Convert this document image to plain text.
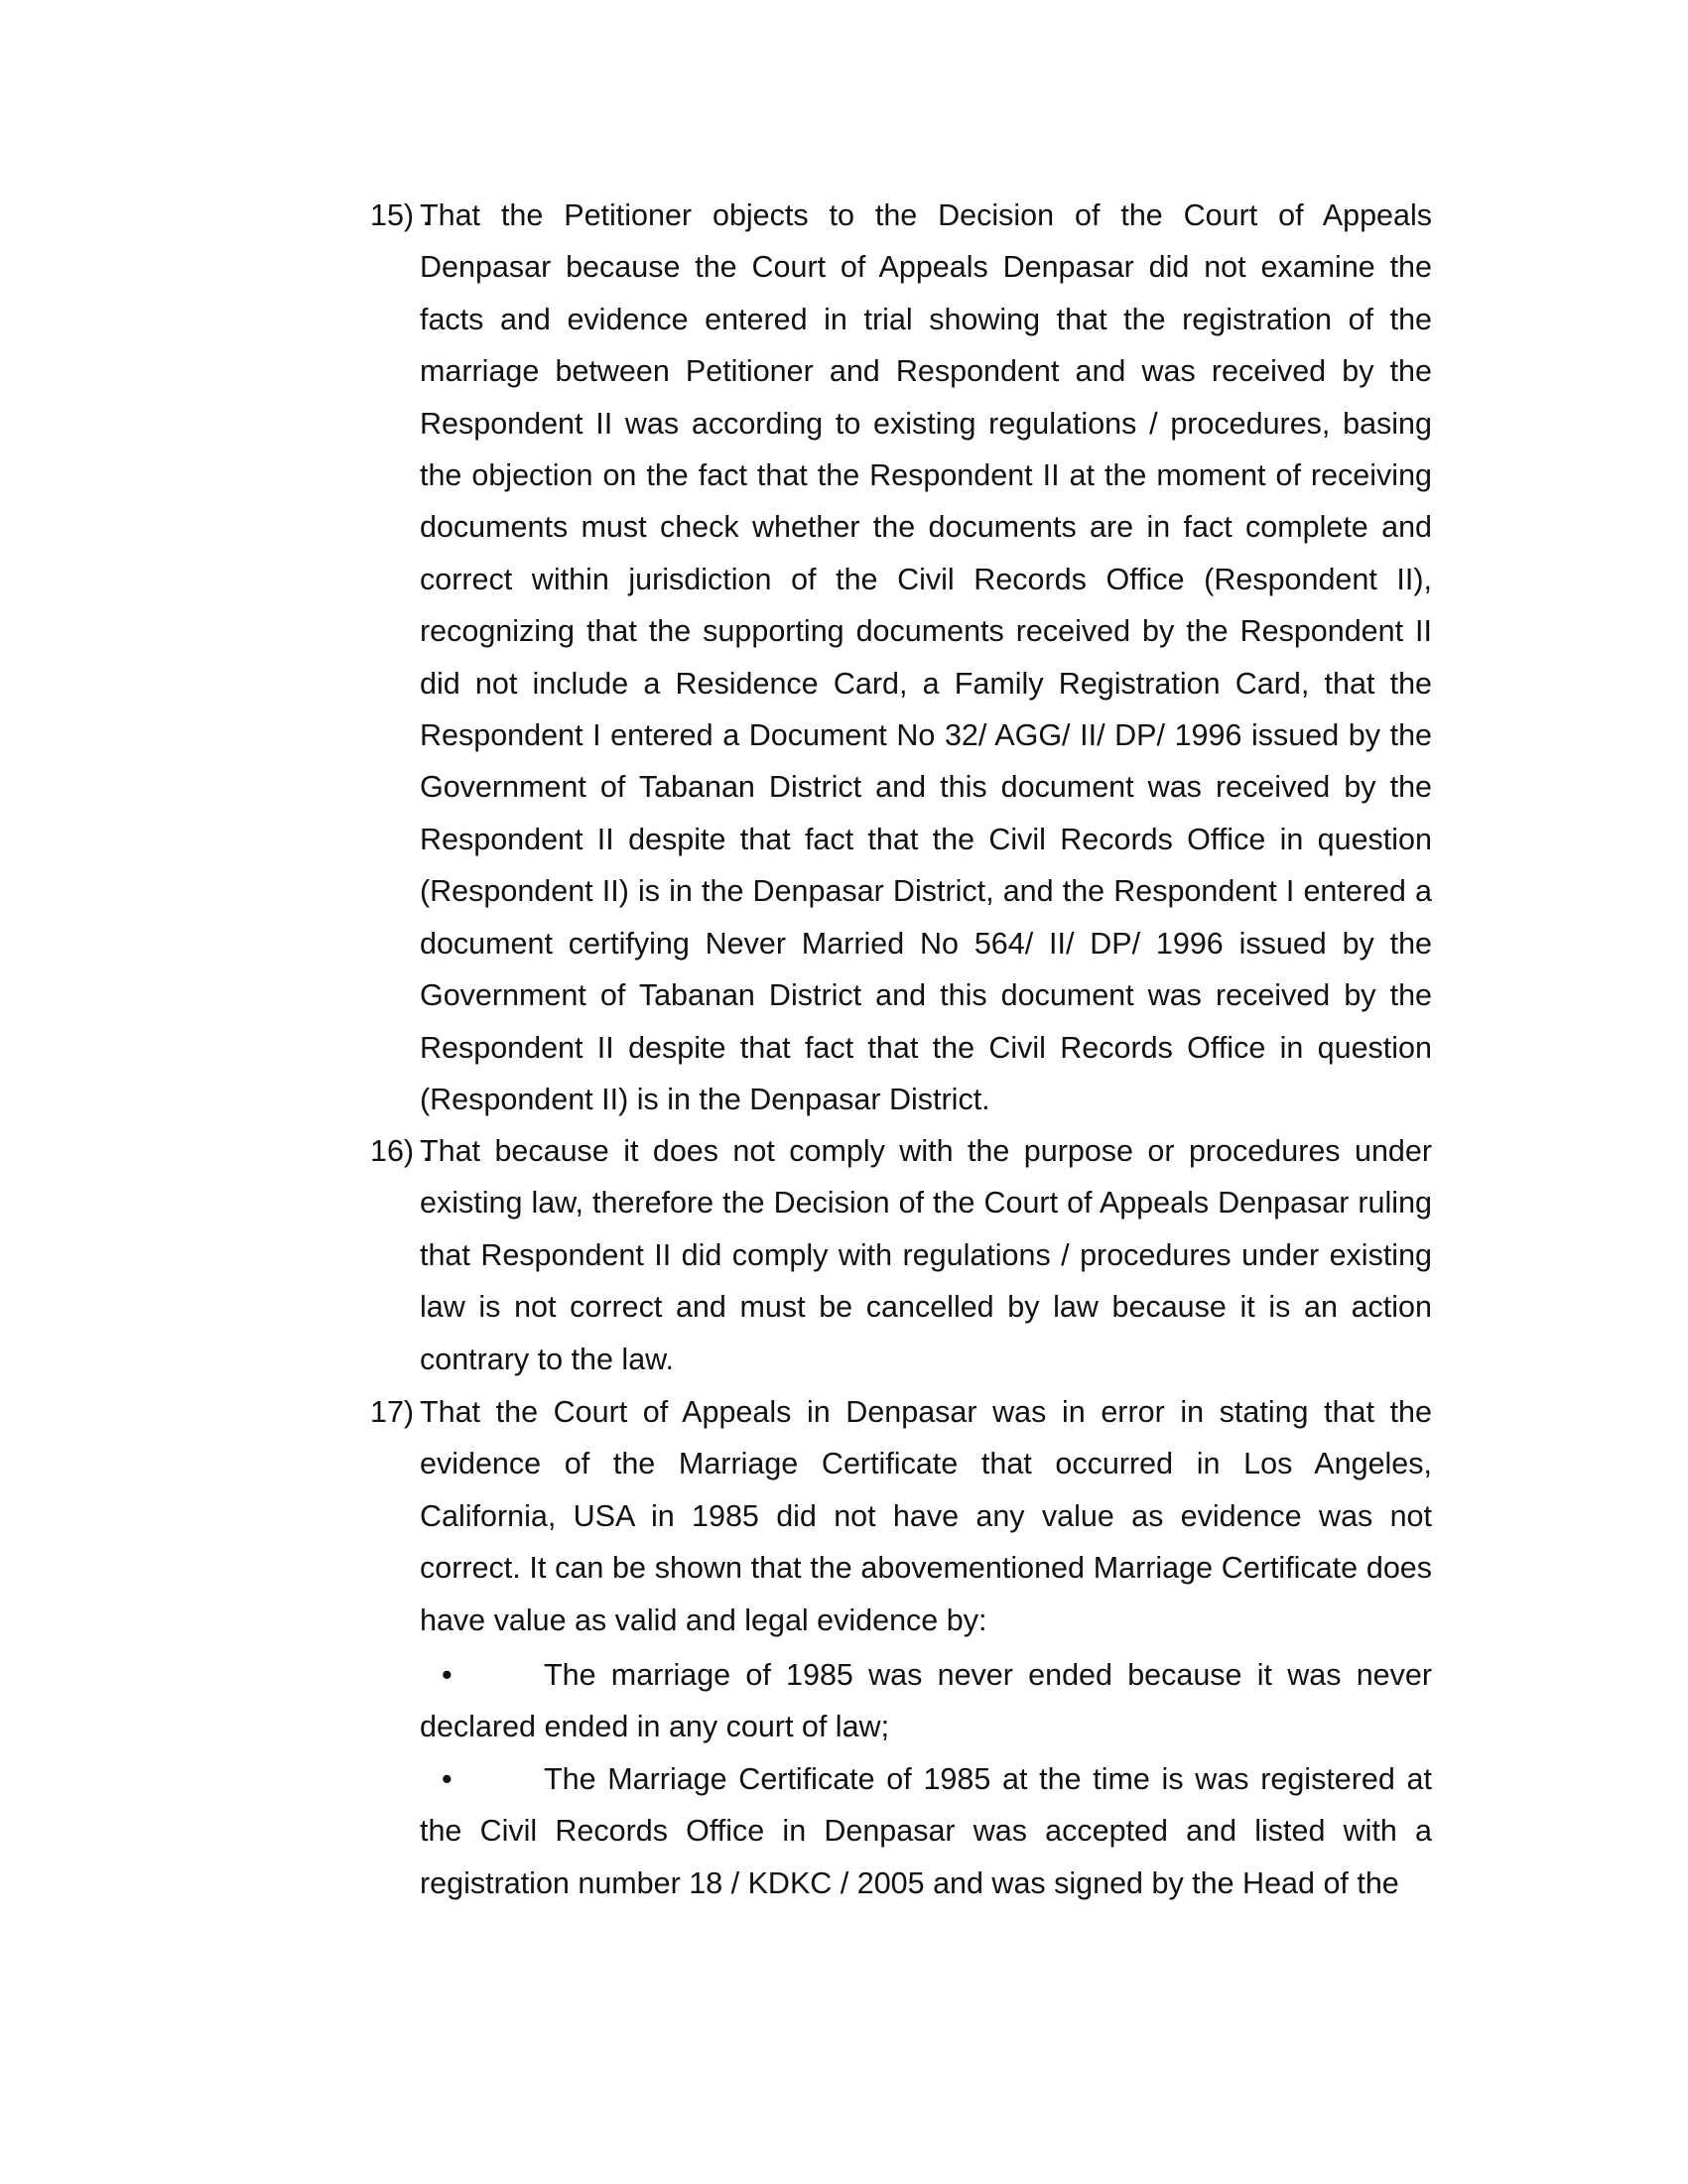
15) .
That the Petitioner objects to the Decision of the Court of Appeals Denpasar because the Court of Appeals Denpasar did not examine the facts and evidence entered in trial showing that the registration of the marriage between Petitioner and Respondent and was received by the Respondent II was according to existing regulations / procedures, basing the objection on the fact that the Respondent II at the moment of receiving documents must check whether the documents are in fact complete and correct within jurisdiction of the Civil Records Office (Respondent II), recognizing that the supporting documents received by the Respondent II did not include a Residence Card, a Family Registration Card, that the Respondent I entered a Document No 32/ AGG/ II/ DP/ 1996 issued by the Government of Tabanan District and this document was received by the Respondent II despite that fact that the Civil Records Office in question (Respondent II) is in the Denpasar District, and the Respondent I entered a document certifying Never Married No 564/ II/ DP/ 1996 issued by the Government of Tabanan District and this document was received by the Respondent II despite that fact that the Civil Records Office in question (Respondent II) is in the Denpasar District.
16) .
That because it does not comply with the purpose or procedures under existing law, therefore the Decision of the Court of Appeals Denpasar ruling that Respondent II did comply with regulations / procedures under existing law is not correct and must be cancelled by law because it is an action contrary to the law.
17) That the Court of Appeals in Denpasar was in error in stating that the evidence of the Marriage Certificate that occurred in Los Angeles, California, USA in 1985 did not have any value as evidence was not correct. It can be shown that the abovementioned Marriage Certificate does have value as valid and legal evidence by:
•	The marriage of 1985 was never ended because it was never declared ended in any court of law;
•	The Marriage Certificate of 1985 at the time is was registered at the Civil Records Office in Denpasar was accepted and listed with a registration number 18 / KDKC / 2005 and was signed by the Head of the
